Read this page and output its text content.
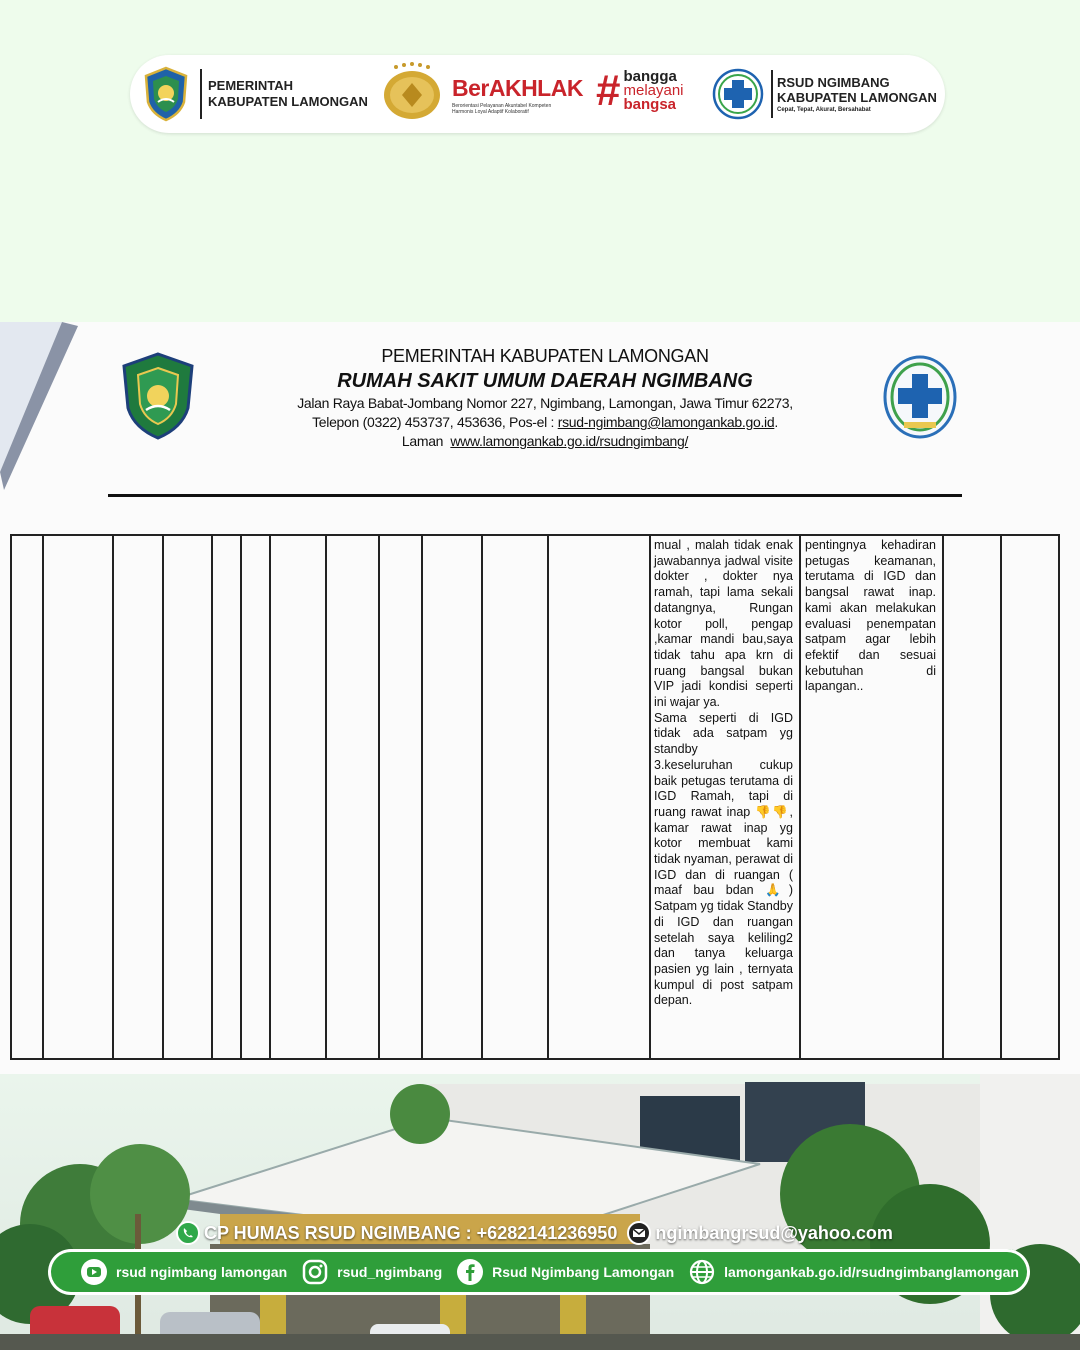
PEMERINTAH
KABUPATEN LAMONGAN
BerAKHLAK
Berorientasi Pelayanan Akuntabel Kompeten
Harmonis Loyal Adaptif Kolaboratif	# bangga
melayani
bangsa
RSUD NGIMBANG
KABUPATEN LAMONGAN
Cepat, Tepat, Akurat, Bersahabat
PEMERINTAH KABUPATEN LAMONGAN
RUMAH SAKIT UMUM DAERAH NGIMBANG
Jalan Raya Babat-Jombang Nomor 227, Ngimbang, Lamongan, Jawa Timur 62273,
Telepon (0322) 453737, 453636, Pos-el : rsud-ngimbang@lamongankab.go.id.
Laman www.lamongankab.go.id/rsudngimbang/

mual , malah tidak enak jawabannya jadwal visite dokter , dokter nya ramah, tapi lama sekali datangnya, Rungan kotor poll, pengap ,kamar mandi bau,saya tidak tahu apa krn di ruang bangsal bukan VIP jadi kondisi seperti ini wajar ya.

Sama seperti di IGD tidak ada satpam yg standby

3.keseluruhan cukup baik petugas terutama di IGD Ramah, tapi di ruang rawat inap 👎👎, kamar rawat inap yg kotor membuat kami tidak nyaman, perawat di IGD dan di ruangan ( maaf bau bdan 🙏) Satpam yg tidak Standby di IGD dan ruangan setelah saya keliling2 dan tanya keluarga pasien yg lain , ternyata kumpul di post satpam depan.

pentingnya kehadiran petugas keamanan, terutama di IGD dan bangsal rawat inap. kami akan melakukan evaluasi penempatan satpam agar lebih efektif dan sesuai kebutuhan di lapangan..

CP HUMAS RSUD NGIMBANG : +6282141236950 ngimbangrsud@yahoo.com
rsud ngimbang lamongan	rsud_ngimbang	Rsud Ngimbang Lamongan	lamongankab.go.id/rsudngimbanglamongan
